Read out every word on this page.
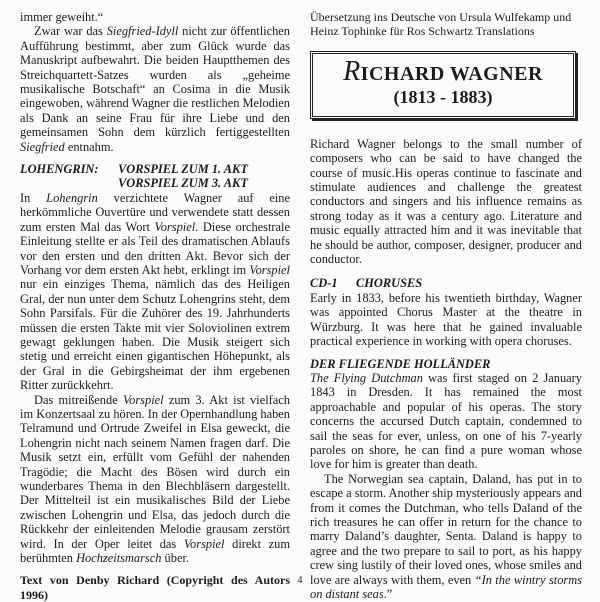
immer geweiht.“

Zwar war das Siegfried-Idyll nicht zur öffentlichen Aufführung bestimmt, aber zum Glück wurde das Manuskript aufbewahrt. Die beiden Hauptthemen des Streichquartett-Satzes wurden als „geheime musikalische Botschaft“ an Cosima in die Musik eingewoben, während Wagner die restlichen Melodien als Dank an seine Frau für ihre Liebe und den gemeinsamen Sohn dem kürzlich fertiggestellten Siegfried entnahm.

LOHENGRIN:	VORSPIEL ZUM 1. AKT
VORSPIEL ZUM 3. AKT

In Lohengrin verzichtete Wagner auf eine herkömmliche Ouvertüre und verwendete statt dessen zum ersten Mal das Wort Vorspiel. Diese orchestrale Einleitung stellte er als Teil des dramatischen Ablaufs vor den ersten und den dritten Akt. Bevor sich der Vorhang vor dem ersten Akt hebt, erklingt im Vorspiel nur ein einziges Thema, nämlich das des Heiligen Gral, der nun unter dem Schutz Lohengrins steht, dem Sohn Parsifals. Für die Zuhörer des 19. Jahrhunderts müssen die ersten Takte mit vier Soloviolinen extrem gewagt geklungen haben. Die Musik steigert sich stetig und erreicht einen gigantischen Höhepunkt, als der Gral in die Gebirgsheimat der ihm ergebenen Ritter zurückkehrt.

Das mitreißende Vorspiel zum 3. Akt ist vielfach im Konzertsaal zu hören. In der Opernhandlung haben Telramund und Ortrude Zweifel in Elsa geweckt, die Lohengrin nicht nach seinem Namen fragen darf. Die Musik setzt ein, erfüllt vom Gefühl der nahenden Tragödie; die Macht des Bösen wird durch ein wunderbares Thema in den Blechbläsern dargestellt. Der Mittelteil ist ein musikalisches Bild der Liebe zwischen Lohengrin und Elsa, das jedoch durch die Rückkehr der einleitenden Melodie grausam zerstört wird. In der Oper leitet das Vorspiel direkt zum berühmten Hochzeitsmarsch über.

Text von Denby Richard (Copyright des Autors 1996)

Übersetzung ins Deutsche von Ursula Wulfekamp und Heinz Tophinke für Ros Schwartz Translations

RICHARD WAGNER
(1813 - 1883)

Richard Wagner belongs to the small number of composers who can be said to have changed the course of music.His operas continue to fascinate and stimulate audiences and challenge the greatest conductors and singers and his influence remains as strong today as it was a century ago. Literature and music equally attracted him and it was inevitable that he should be author, composer, designer, producer and conductor.

CD-1	CHORUSES

Early in 1833, before his twentieth birthday, Wagner was appointed Chorus Master at the theatre in Würzburg. It was here that he gained invaluable practical experience in working with opera choruses.

DER FLIEGENDE HOLLÄNDER

The Flying Dutchman was first staged on 2 January 1843 in Dresden. It has remained the most approachable and popular of his operas. The story concerns the accursed Dutch captain, condemned to sail the seas for ever, unless, on one of his 7-yearly paroles on shore, he can find a pure woman whose love for him is greater than death.

The Norwegian sea captain, Daland, has put in to escape a storm. Another ship mysteriously appears and from it comes the Dutchman, who tells Daland of the rich treasures he can offer in return for the chance to marry Daland’s daughter, Senta. Daland is happy to agree and the two prepare to sail to port, as his happy crew sing lustily of their loved ones, whose smiles and love are always with them, even “In the wintry storms on distant seas.”

4
